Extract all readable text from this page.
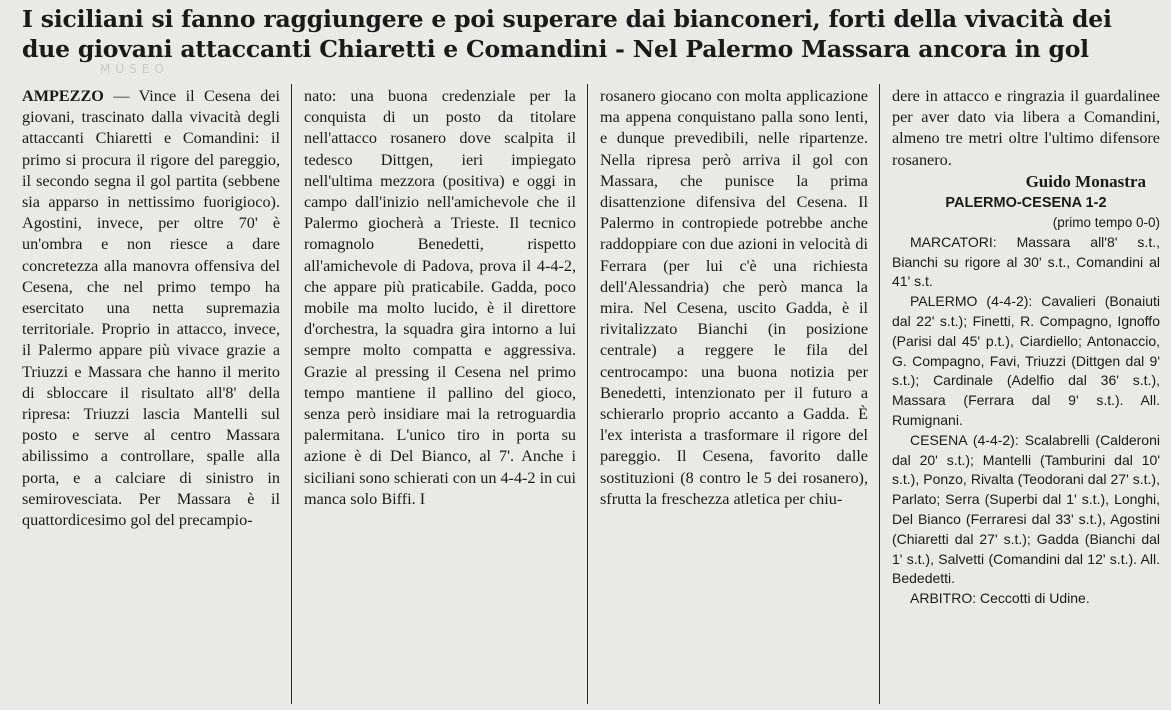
I siciliani si fanno raggiungere e poi superare dai bianconeri, forti della vivacità dei
due giovani attaccanti Chiaretti e Comandini - Nel Palermo Massara ancora in gol
MUSEO

AMPEZZO — Vince il Cesena dei giovani, trascinato dalla vivacità degli attaccanti Chiaretti e Comandini: il primo si procura il rigore del pareggio, il secondo segna il gol partita (sebbene sia apparso in nettissimo fuorigioco). Agostini, invece, per oltre 70' è un'ombra e non riesce a dare concretezza alla manovra offensiva del Cesena, che nel primo tempo ha esercitato una netta supremazia territoriale. Proprio in attacco, invece, il Palermo appare più vivace grazie a Triuzzi e Massara che hanno il merito di sbloccare il risultato all'8' della ripresa: Triuzzi lascia Mantelli sul posto e serve al centro Massara abilissimo a controllare, spalle alla porta, e a calciare di sinistro in semirovesciata. Per Massara è il quattordicesimo gol del precampio-

nato: una buona credenziale per la conquista di un posto da titolare nell'attacco rosanero dove scalpita il tedesco Dittgen, ieri impiegato nell'ultima mezzora (positiva) e oggi in campo dall'inizio nell'amichevole che il Palermo giocherà a Trieste. Il tecnico romagnolo Benedetti, rispetto all'amichevole di Padova, prova il 4-4-2, che appare più praticabile. Gadda, poco mobile ma molto lucido, è il direttore d'orchestra, la squadra gira intorno a lui sempre molto compatta e aggressiva. Grazie al pressing il Cesena nel primo tempo mantiene il pallino del gioco, senza però insidiare mai la retroguardia palermitana. L'unico tiro in porta su azione è di Del Bianco, al 7'. Anche i siciliani sono schierati con un 4-4-2 in cui manca solo Biffi. I

rosanero giocano con molta applicazione ma appena conquistano palla sono lenti, e dunque prevedibili, nelle ripartenze. Nella ripresa però arriva il gol con Massara, che punisce la prima disattenzione difensiva del Cesena. Il Palermo in contropiede potrebbe anche raddoppiare con due azioni in velocità di Ferrara (per lui c'è una richiesta dell'Alessandria) che però manca la mira. Nel Cesena, uscito Gadda, è il rivitalizzato Bianchi (in posizione centrale) a reggere le fila del centrocampo: una buona notizia per Benedetti, intenzionato per il futuro a schierarlo proprio accanto a Gadda. È l'ex interista a trasformare il rigore del pareggio. Il Cesena, favorito dalle sostituzioni (8 contro le 5 dei rosanero), sfrutta la freschezza atletica per chiu-

dere in attacco e ringrazia il guardalinee per aver dato via libera a Comandini, almeno tre metri oltre l'ultimo difensore rosanero.

Guido Monastra
PALERMO-CESENA 1-2
(primo tempo 0-0)
MARCATORI: Massara all'8' s.t., Bianchi su rigore al 30' s.t., Comandini al 41' s.t.
PALERMO (4-4-2): Cavalieri (Bonaiuti dal 22' s.t.); Finetti, R. Compagno, Ignoffo (Parisi dal 45' p.t.), Ciardiello; Antonaccio, G. Compagno, Favi, Triuzzi (Dittgen dal 9' s.t.); Cardinale (Adelfio dal 36' s.t.), Massara (Ferrara dal 9' s.t.). All. Rumignani.
CESENA (4-4-2): Scalabrelli (Calderoni dal 20' s.t.); Mantelli (Tamburini dal 10' s.t.), Ponzo, Rivalta (Teodorani dal 27' s.t.), Parlato; Serra (Superbi dal 1' s.t.), Longhi, Del Bianco (Ferraresi dal 33' s.t.), Agostini (Chiaretti dal 27' s.t.); Gadda (Bianchi dal 1' s.t.), Salvetti (Comandini dal 12' s.t.). All. Bededetti.
ARBITRO: Ceccotti di Udine.
